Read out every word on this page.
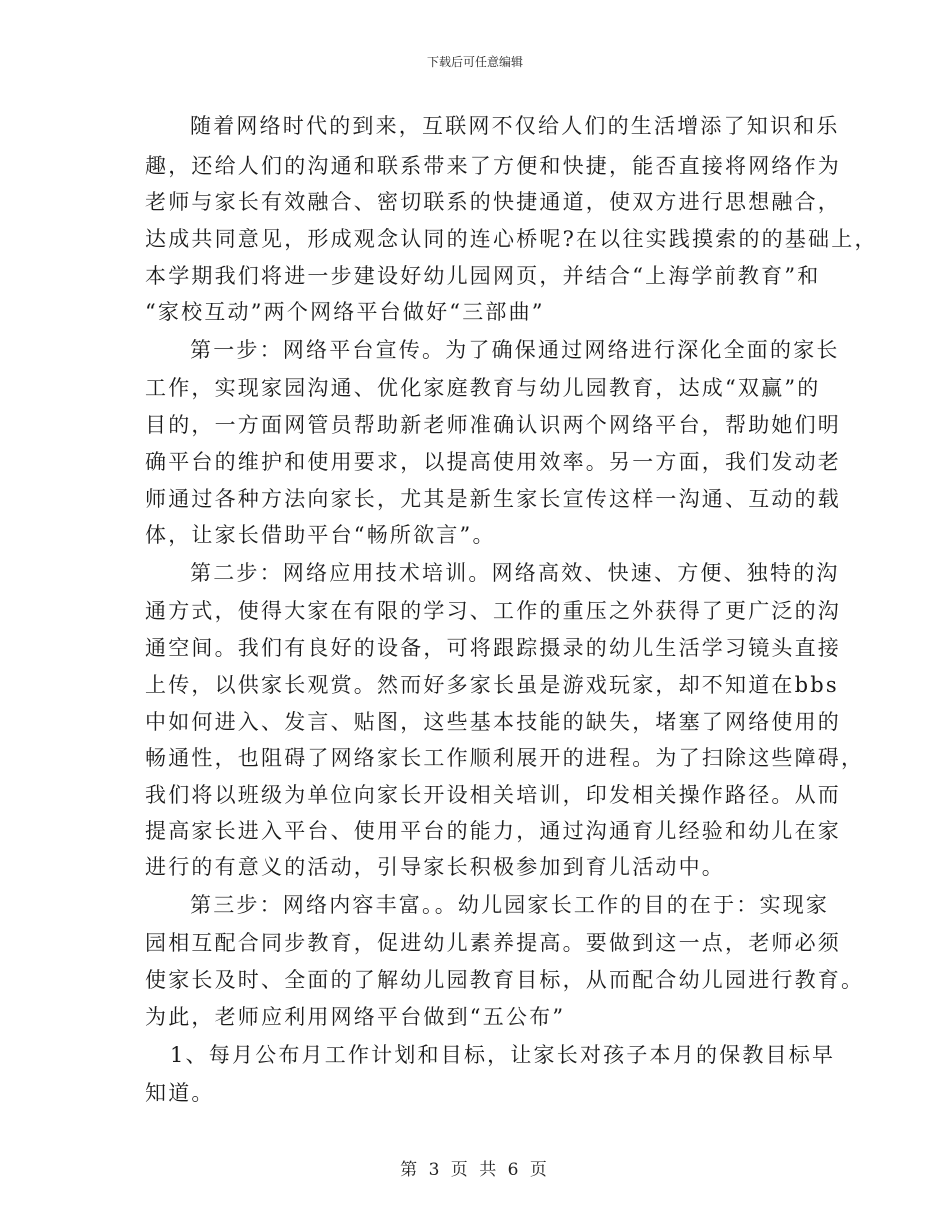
下载后可任意编辑
随着网络时代的到来，互联网不仅给人们的生活增添了知识和乐
趣，还给人们的沟通和联系带来了方便和快捷，能否直接将网络作为
老师与家长有效融合、密切联系的快捷通道，使双方进行思想融合，
达成共同意见，形成观念认同的连心桥呢?在以往实践摸索的的基础上，
本学期我们将进一步建设好幼儿园网页，并结合“上海学前教育”和
“家校互动”两个网络平台做好“三部曲”
第一步：网络平台宣传。为了确保通过网络进行深化全面的家长
工作，实现家园沟通、优化家庭教育与幼儿园教育，达成“双赢”的
目的，一方面网管员帮助新老师准确认识两个网络平台，帮助她们明
确平台的维护和使用要求，以提高使用效率。另一方面，我们发动老
师通过各种方法向家长，尤其是新生家长宣传这样一沟通、互动的载
体，让家长借助平台“畅所欲言”。
第二步：网络应用技术培训。网络高效、快速、方便、独特的沟
通方式，使得大家在有限的学习、工作的重压之外获得了更广泛的沟
通空间。我们有良好的设备，可将跟踪摄录的幼儿生活学习镜头直接
上传，以供家长观赏。然而好多家长虽是游戏玩家，却不知道在bbs
中如何进入、发言、贴图，这些基本技能的缺失，堵塞了网络使用的
畅通性，也阻碍了网络家长工作顺利展开的进程。为了扫除这些障碍，
我们将以班级为单位向家长开设相关培训，印发相关操作路径。从而
提高家长进入平台、使用平台的能力，通过沟通育儿经验和幼儿在家
进行的有意义的活动，引导家长积极参加到育儿活动中。
第三步：网络内容丰富。。幼儿园家长工作的目的在于：实现家
园相互配合同步教育，促进幼儿素养提高。要做到这一点，老师必须
使家长及时、全面的了解幼儿园教育目标，从而配合幼儿园进行教育。
为此，老师应利用网络平台做到“五公布”
1、每月公布月工作计划和目标，让家长对孩子本月的保教目标早
知道。
第 3 页 共 6 页
